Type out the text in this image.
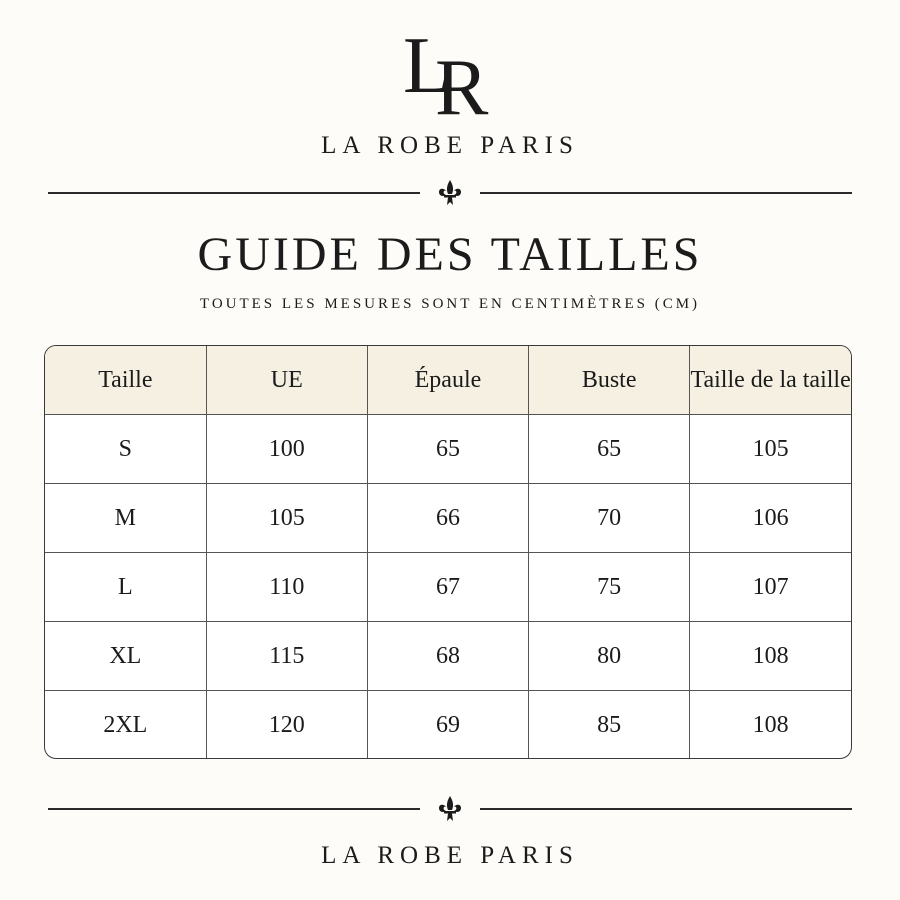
L
R
LA ROBE PARIS
GUIDE DES TAILLES
TOUTES LES MESURES SONT EN CENTIMÈTRES (CM)
Taille	UE	Épaule	Buste	Taille de la taille
S	100	65	65	105
M	105	66	70	106
L	110	67	75	107
XL	115	68	80	108
2XL	120	69	85	108
LA ROBE PARIS
